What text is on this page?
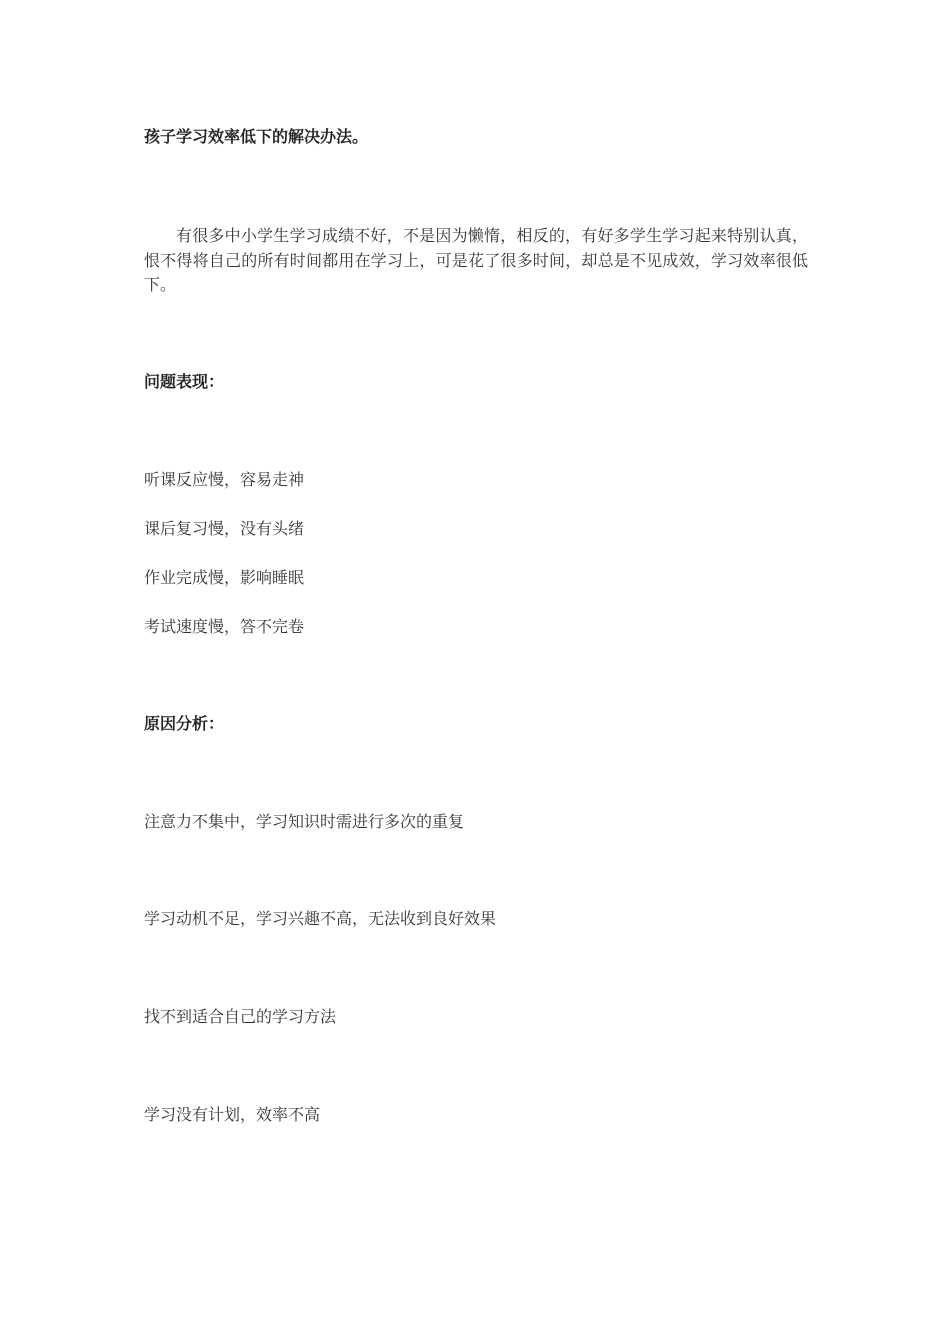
孩子学习效率低下的解决办法。

有很多中小学生学习成绩不好，不是因为懒惰，相反的，有好多学生学习起来特别认真，恨不得将自己的所有时间都用在学习上，可是花了很多时间，却总是不见成效，学习效率很低下。

问题表现：

听课反应慢，容易走神

课后复习慢，没有头绪

作业完成慢，影响睡眠

考试速度慢，答不完卷

原因分析：

注意力不集中，学习知识时需进行多次的重复

学习动机不足，学习兴趣不高，无法收到良好效果

找不到适合自己的学习方法

学习没有计划，效率不高
